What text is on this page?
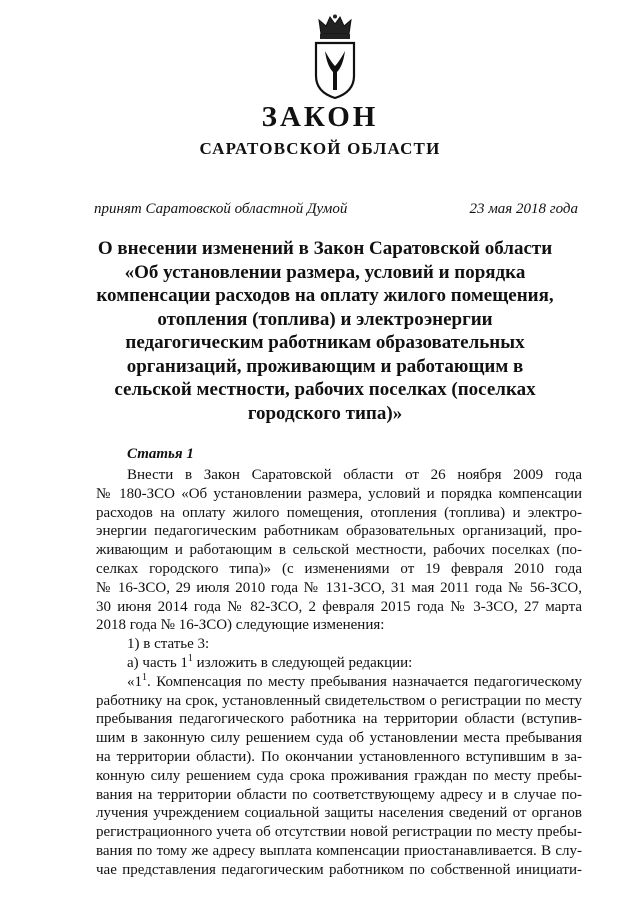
ЗАКОН
САРАТОВСКОЙ ОБЛАСТИ
принят Саратовской областной Думой	23 мая 2018 года
О внесении изменений в Закон Саратовской области
«Об установлении размера, условий и порядка
компенсации расходов на оплату жилого помещения,
отопления (топлива) и электроэнергии
педагогическим работникам образовательных
организаций, проживающим и работающим в
сельской местности, рабочих поселках (поселках
городского типа)»
Статья 1
Внести в Закон Саратовской области от 26 ноября 2009 года
№ 180-ЗСО «Об установлении размера, условий и порядка компенсации
расходов на оплату жилого помещения, отопления (топлива) и электро-
энергии педагогическим работникам образовательных организаций, про-
живающим и работающим в сельской местности, рабочих поселках (по-
селках городского типа)» (с изменениями от 19 февраля 2010 года
№ 16-ЗСО, 29 июля 2010 года № 131-ЗСО, 31 мая 2011 года № 56-ЗСО,
30 июня 2014 года № 82-ЗСО, 2 февраля 2015 года № 3-ЗСО, 27 марта
2018 года № 16-ЗСО) следующие изменения:
1) в статье 3:
а) часть $1^1$ изложить в следующей редакции:
«$1^1$. Компенсация по месту пребывания назначается педагогическому
работнику на срок, установленный свидетельством о регистрации по месту
пребывания педагогического работника на территории области (вступив-
шим в законную силу решением суда об установлении места пребывания
на территории области). По окончании установленного вступившим в за-
конную силу решением суда срока проживания граждан по месту пребы-
вания на территории области по соответствующему адресу и в случае по-
лучения учреждением социальной защиты населения сведений от органов
регистрационного учета об отсутствии новой регистрации по месту пребы-
вания по тому же адресу выплата компенсации приостанавливается. В слу-
чае представления педагогическим работником по собственной инициати-
